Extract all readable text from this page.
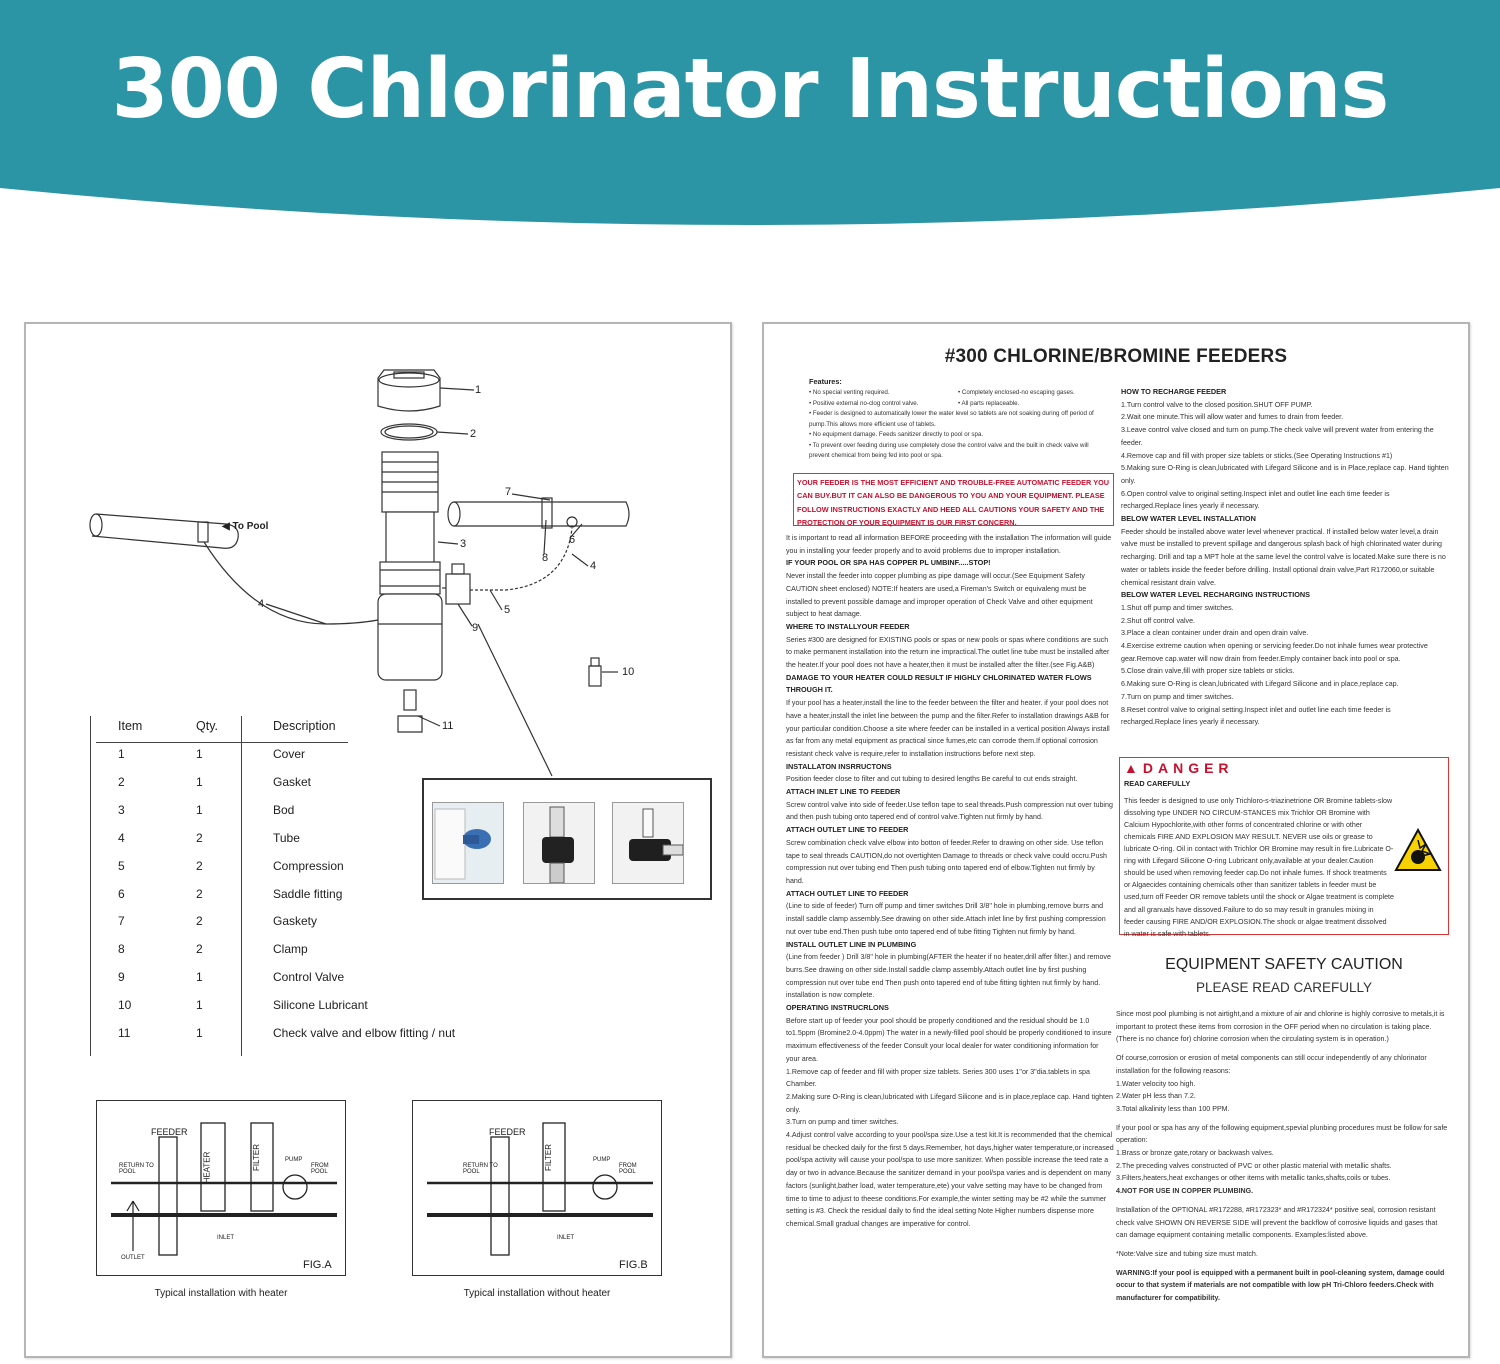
300 Chlorinator Instructions
1
2
3
4
4
5
6
7
8
9
10
11
◀ To Pool
Item	Qty.	Description
1	1	Cover
2	1	Gasket
3	1	Bod
4	2	Tube
5	2	Compression
6	2	Saddle fitting
7	2	Gaskety
8	2	Clamp
9	1	Control Valve
10	1	Silicone Lubricant
11	1	Check valve and elbow fitting / nut
FEEDER
HEATER	FILTER	PUMP
FROM POOL
RETURN TO POOL
INLET
OUTLET
FIG.A
Typical installation with heater
FEEDER
FILTER	PUMP
FROM POOL
RETURN TO POOL
INLET
FIG.B
Typical installation without heater
#300 CHLORINE/BROMINE FEEDERS
Features:
• No special venting required.
• Positive external no-clog control valve.
• Feeder is designed to automatically lower the water level so tablets are not soaking during off period of pump.This allows more efficient use of tablets.
• No equipment damage. Feeds sanitizer directly to pool or spa.
• To prevent over feeding during use completely close the control valve and the built in check valve will prevent chemical from being fed into pool or spa.
• Completely enclosed-no escaping gases.
• All parts replaceable.
YOUR FEEDER IS THE MOST EFFICIENT AND TROUBLE-FREE AUTOMATIC FEEDER YOU CAN BUY.BUT IT CAN ALSO BE DANGEROUS TO YOU AND YOUR EQUIPMENT. PLEASE FOLLOW INSTRUCTIONS EXACTLY AND HEED ALL CAUTIONS YOUR SAFETY AND THE PROTECTION OF YOUR EQUIPMENT IS OUR FIRST CONCERN.
It is important to read all information BEFORE proceeding with the installation The information will guide you in installing your feeder properly and to avoid problems due to improper installation.
IF YOUR POOL OR SPA HAS COPPER PL UMBINF.....STOP!
Never install the feeder into copper plumbing as pipe damage will occur.(See Equipment Safety CAUTION sheet enclosed) NOTE:If heaters are used,a Fireman's Switch or equivaleng must be installed to prevent possible damage and improper operation of Check Valve and other equipment subject to heat damage.
WHERE TO INSTALLYOUR FEEDER
Series #300 are designed for EXISTING pools or spas or new pools or spas where conditions are such to make permanent installation into the return ine impractical.The outlet line tube must be installed after the heater.If your pool does not have a heater,then it must be installed after the filter.(see Fig.A&B)
DAMAGE TO YOUR HEATER COULD RESULT IF HIGHLY CHLORINATED WATER FLOWS THROUGH IT.
If your pool has a heater,install the line to the feeder between the filter and heater. if your pool does not have a heater,install the inlet line between the pump and the filter.Refer to installation drawings A&B for your particular condition.Choose a site where feeder can be installed in a vertical position Always install as far from any metal equipment as practical since fumes,etc can corrode them.If optional corrosion resistant check valve is require,refer to installation instructions before next step.
INSTALLATON INSRRUCTONS
Position feeder close to filter and cut tubing to desired lengths Be careful to cut ends straight.
ATTACH INLET LINE TO FEEDER
Screw control valve into side of feeder.Use teflon tape to seal threads.Push compression nut over tubing and then push tubing onto tapered end of control valve.Tighten nut firmly by hand.
ATTACH OUTLET LINE TO FEEDER
Screw combination check valve elbow into botton of feeder.Refer to drawing on other side. Use teflon tape to seal threads CAUTION,do not overtighten Damage to threads or check valve could occru.Push compression nut over tubing end Then push tubing onto tapered end of elbow.Tighten nut firmly by hand.
ATTACH OUTLET LINE TO FEEDER
(Line to side of feeder) Turn off pump and timer switches Drill 3/8" hole in plumbing,remove burrs and install saddle clamp assembly.See drawing on other side.Attach inlet line by first pushing compression nut over tube end.Then push tube onto tapered end of tube fitting Tighten nut firmly by hand.
INSTALL OUTLET LINE IN PLUMBING
(Line from feeder ) Drill 3/8" hole in plumbing(AFTER the heater if no heater,drill affer filter.) and remove burrs.See drawing on other side.Install saddle clamp assembly.Attach outlet line by first pushing compression nut over tube end Then push onto tapered end of tube fitting tighten nut firmly by hand. installation is now complete.
OPERATING INSTRUCRLONS
Before start up of feeder your pool should be properly conditioned and the residual should be 1.0 to1.5ppm (Bromine2.0-4.0ppm) The water in a newly-filled pool should be properly conditioned to insure maximum effectiveness of the feeder Consult your local dealer for water conditioning information for your area.
1.Remove cap of feeder and fill with proper size tablets. Series 300 uses 1"or 3"dia.tablets in spa Chamber.
2.Making sure O-Ring is clean,lubricated with Lifegard Silicone and is in place,replace cap. Hand tighten only.
3.Turn on pump and timer switches.
4.Adjust control valve according to your pool/spa size.Use a test kit.It is recommended that the chemical residual be checked daily for the first 5 days.Remember, hot days,higher water temperature,or increased pool/spa activity will cause your pool/spa to use more sanitizer. When possible increase the teed rate a day or two in advance.Because the sanitizer demand in your pool/spa varies and is dependent on many factors (sunlight,bather load, water temperature,ete) your valve setting may have to be changed from time to time to adjust to theese conditions.For example,the winter setting may be #2 while the summer setting is #3. Check the residual daily to find the ideal setting Note Higher numbers dispense more chemical.Small gradual changes are imperative for control.
HOW TO RECHARGE FEEDER
1.Turn control valve to the closed position.SHUT OFF PUMP.
2.Wait one minute.This will allow water and fumes to drain from feeder.
3.Leave control valve closed and turn on pump.The check valve will prevent water from entering the feeder.
4.Remove cap and fill with proper size tablets or sticks.(See Operating Instructions #1)
5.Making sure O-Ring is clean,lubricated with Lifegard Silicone and is in Place,replace cap. Hand tighten only.
6.Open control valve to original setting.Inspect inlet and outlet line each time feeder is recharged.Replace lines yearly if necessary.
BELOW WATER LEVEL INSTALLATION
Feeder should be installed above water level whenever practical. If installed below water level,a drain valve must be installed to prevent spillage and dangerous splash back of high chlorinated water during recharging. Drill and tap a MPT hole at the same level the control valve is located.Make sure there is no water or tablets inside the feeder before drilling. Install optional drain valve,Part R172060,or suitable chemical resistant drain valve.
BELOW WATER LEVEL RECHARGING INSTRUCTIONS
1.Shut off pump and timer switches.
2.Shut off control valve.
3.Place a clean container under drain and open drain valve.
4.Exercise extreme caution when opening or servicing feeder.Do not inhale fumes wear protective gear.Remove cap.water will now drain from feeder.Emply container back into pool or spa.
5.Close drain valve,fill with proper size tablets or sticks.
6.Making sure O-Ring is clean,lubricated with Lifegard Silicone and in place,replace cap.
7.Turn on pump and timer switches.
8.Reset control valve to original setting.Inspect inlet and outlet line each time feeder is recharged.Replace lines yearly if necessary.
▲DANGER
READ CAREFULLY
This feeder is designed to use only Trichloro-s-triazinetrione OR Bromine tablets-slow dissolving type UNDER NO CIRCUM-STANCES mix Trichlor OR Bromine with Calcium Hypochlorite,with other forms of concentrated chlorine or with other chemicals FIRE AND EXPLOSION MAY RESULT. NEVER use oils or grease to lubricate O-ring. Oil in contact with Trichlor OR Bromine may result in fire.Lubricate O-ring with Lifegard Silicone O-ring Lubricant only,available at your dealer.Caution should be used when removing feeder cap.Do not inhale fumes. If shock treatments or Algaecides containing chemicals other than sanitizer tablets in feeder must be used,turn off Feeder OR remove tablets until the shock or Algae treatment is complete and all granuals have dissoved.Failure to do so may result in granules mixing in feeder causing FIRE AND/OR EXPLOSION.The shock or algae treatment dissolved in water is safe with tablets.
EQUIPMENT SAFETY CAUTION
PLEASE READ CAREFULLY
Since most pool plumbing is not airtight,and a mixture of air and chlorine is highly corrosive to metals,it is important to protect these items from corrosion in the OFF period when no circulation is taking place. (There is no chance for) chlorine corrosion when the circulating system is in operation.)
Of course,corrosion or erosion of metal components can still occur independently of any chlorinator installation for the following reasons:
1.Water velocity too high.
2.Water pH less than 7.2.
3.Total alkalinity less than 100 PPM.
If your pool or spa has any of the following equipment,spevial plunbing procedures must be follow for safe operation:
1.Brass or bronze gate,rotary or backwash valves.
2.The preceding valves constructed of PVC or other plastic material with metallic shafts.
3.Filters,heaters,heat exchanges or other items with metallic tanks,shafts,coils or tubes.
4.NOT FOR USE IN COPPER PLUMBING.
Installation of the OPTIONAL #R172288, #R172323* and #R172324* positive seal, corrosion resistant check valve SHOWN ON REVERSE SIDE will prevent the backflow of corrosive liquids and gases that can damage equipment containing metallic components. Examples:listed above.
*Note:Valve size and tubing size must match.
WARNING:If your pool is equipped with a permanent built in pool-cleaning system, damage could occur to that system if materials are not compatible with low pH Tri-Chloro feeders.Check with manufacturer for compatibility.
